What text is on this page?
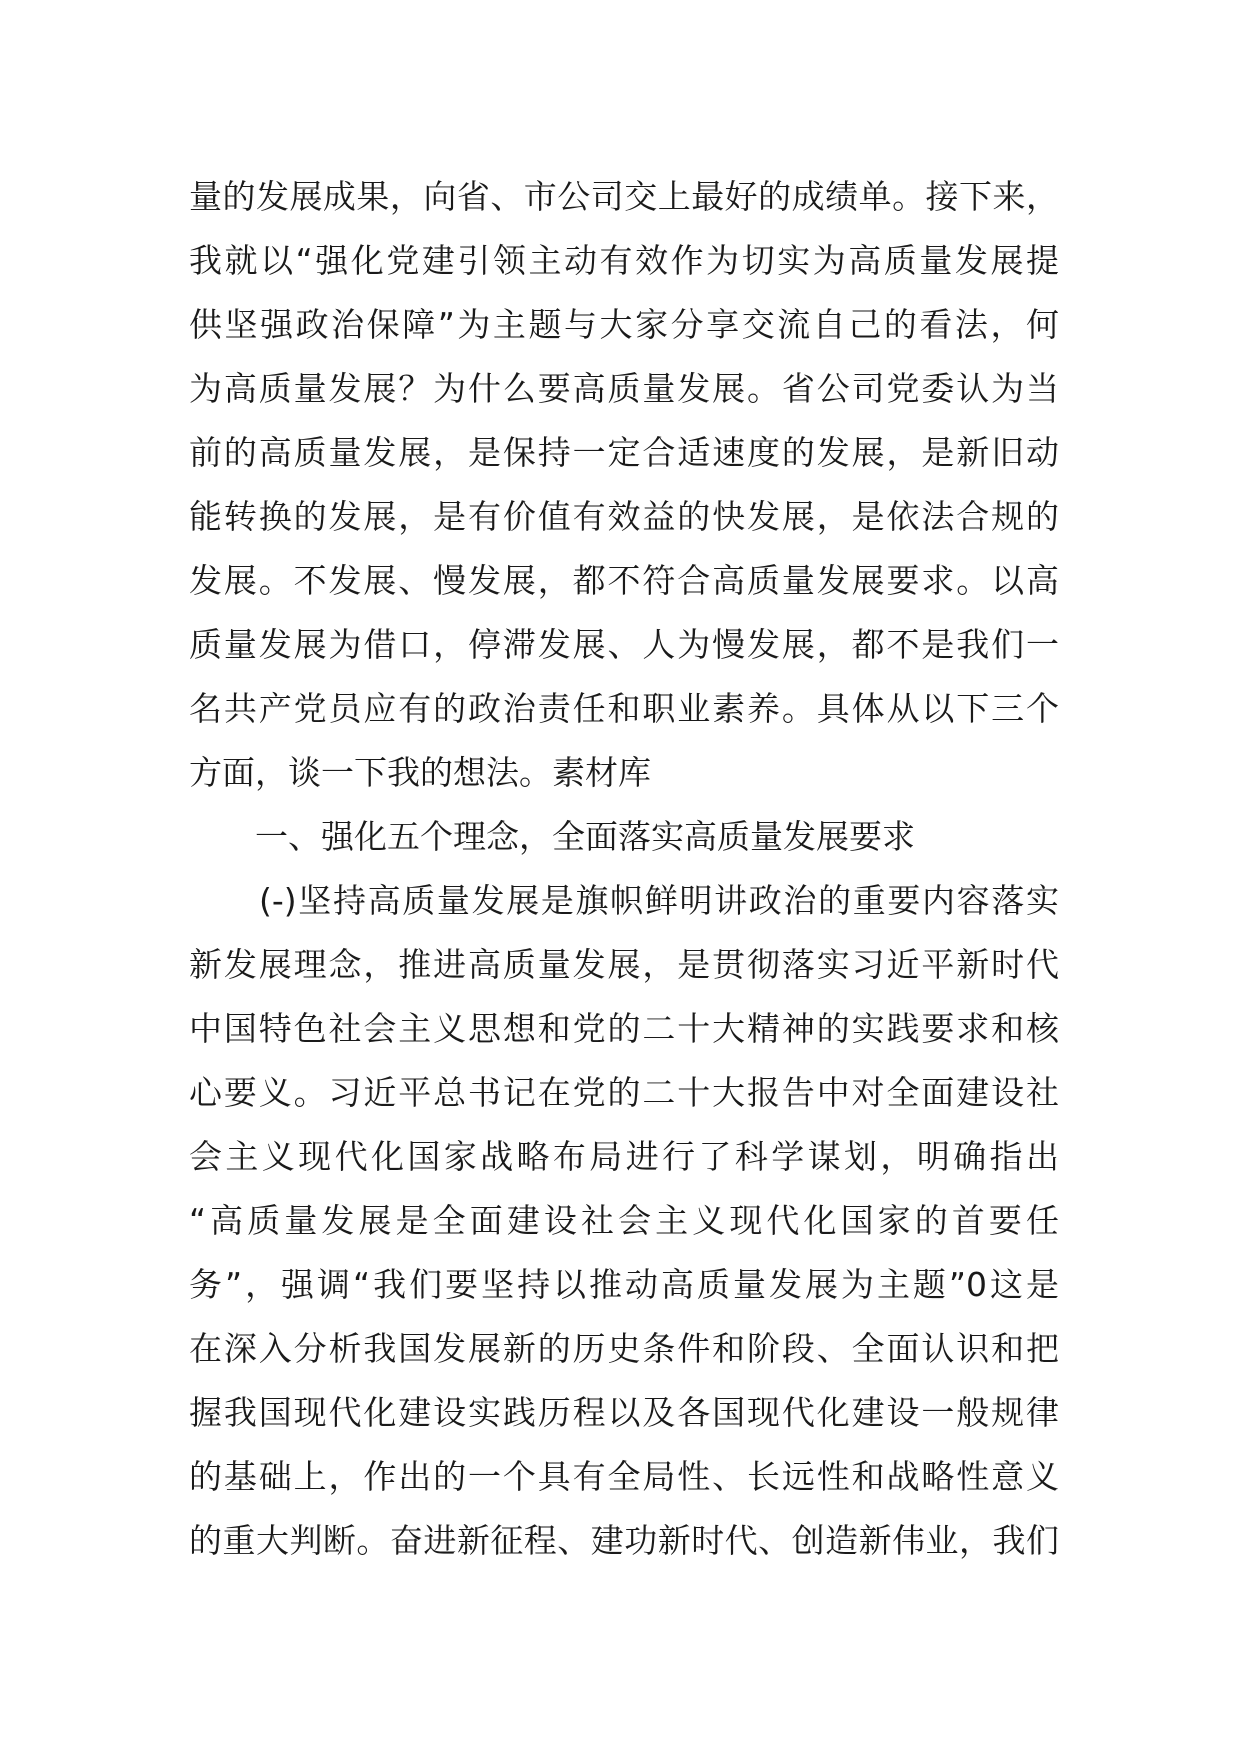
量的发展成果，向省、市公司交上最好的成绩单。接下来，
我就以“强化党建引领主动有效作为切实为高质量发展提
供坚强政治保障”为主题与大家分享交流自己的看法，何
为高质量发展？为什么要高质量发展。省公司党委认为当
前的高质量发展，是保持一定合适速度的发展，是新旧动
能转换的发展，是有价值有效益的快发展，是依法合规的
发展。不发展、慢发展，都不符合高质量发展要求。以高
质量发展为借口，停滞发展、人为慢发展，都不是我们一
名共产党员应有的政治责任和职业素养。具体从以下三个
方面，谈一下我的想法。素材库
一、强化五个理念，全面落实高质量发展要求
(-)坚持高质量发展是旗帜鲜明讲政治的重要内容落实
新发展理念，推进高质量发展，是贯彻落实习近平新时代
中国特色社会主义思想和党的二十大精神的实践要求和核
心要义。习近平总书记在党的二十大报告中对全面建设社
会主义现代化国家战略布局进行了科学谋划，明确指出
“高质量发展是全面建设社会主义现代化国家的首要任
务”，强调“我们要坚持以推动高质量发展为主题”0这是
在深入分析我国发展新的历史条件和阶段、全面认识和把
握我国现代化建设实践历程以及各国现代化建设一般规律
的基础上，作出的一个具有全局性、长远性和战略性意义
的重大判断。奋进新征程、建功新时代、创造新伟业，我们
